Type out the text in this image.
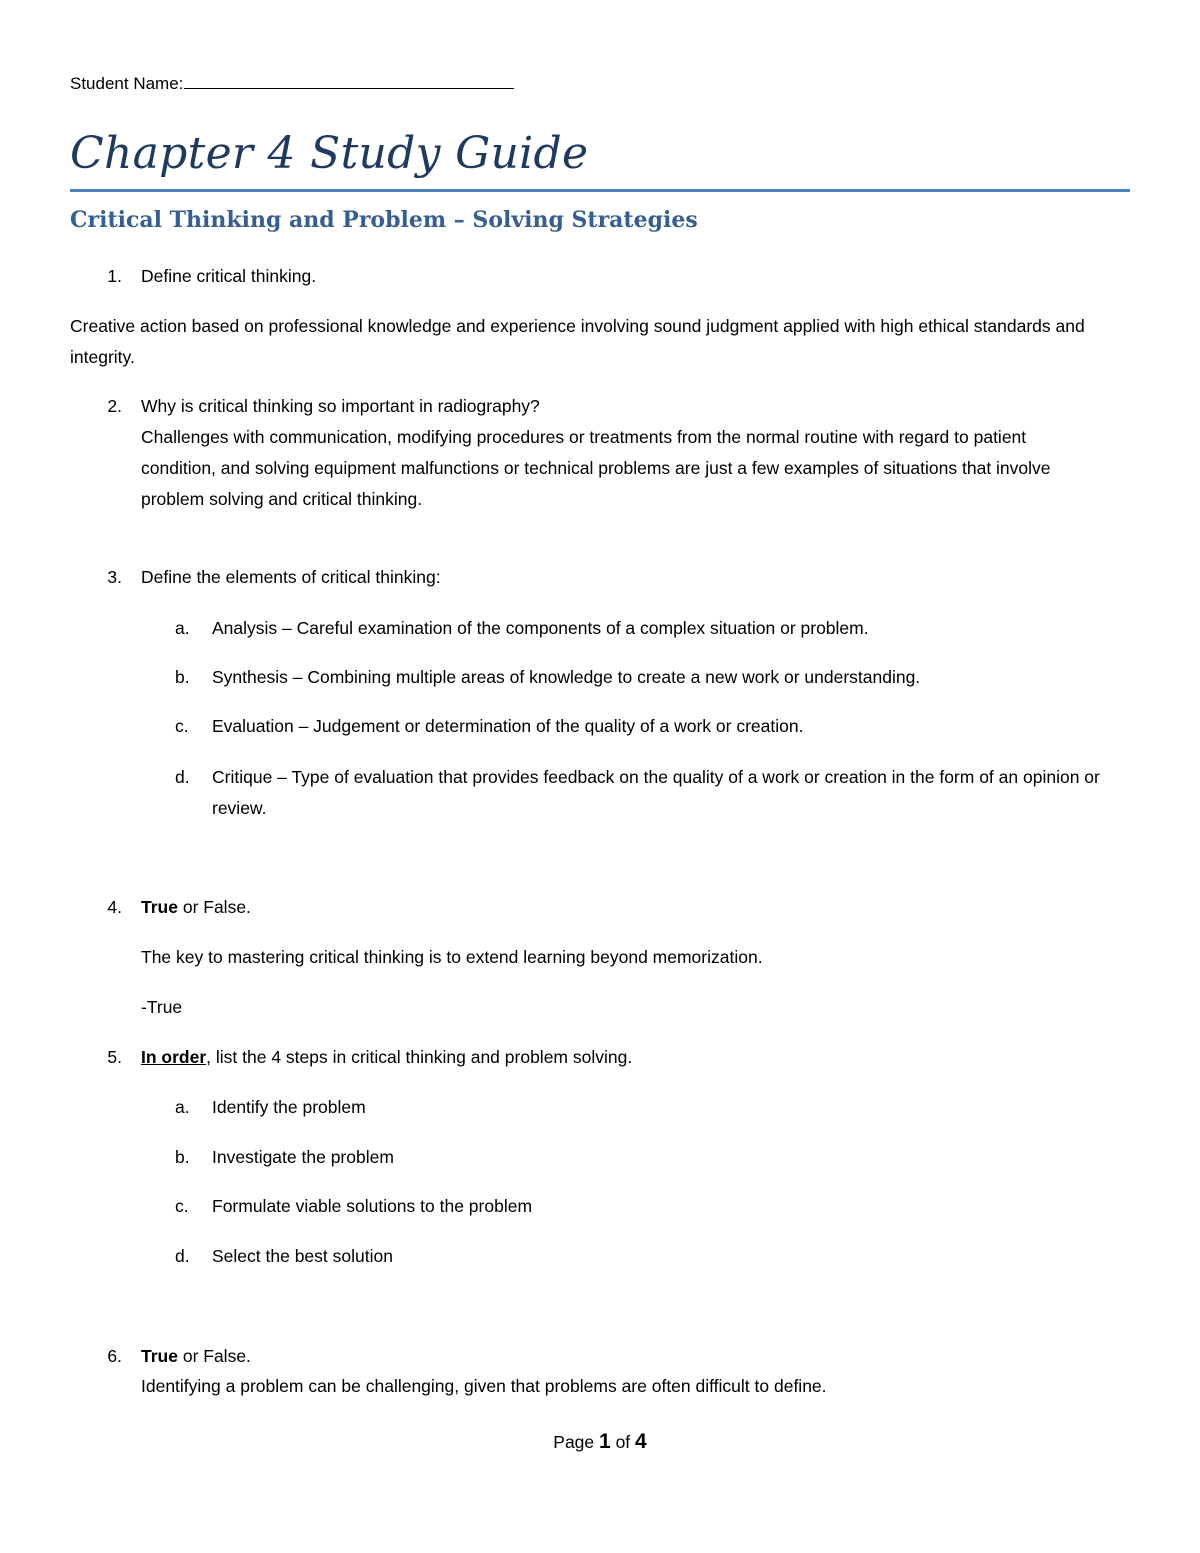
Student Name:
Chapter 4 Study Guide
Critical Thinking and Problem – Solving Strategies
1. Define critical thinking.
Creative action based on professional knowledge and experience involving sound judgment applied with high ethical standards and integrity.
2. Why is critical thinking so important in radiography?
Challenges with communication, modifying procedures or treatments from the normal routine with regard to patient condition, and solving equipment malfunctions or technical problems are just a few examples of situations that involve problem solving and critical thinking.
3. Define the elements of critical thinking:
a.	Analysis – Careful examination of the components of a complex situation or problem.
b.	Synthesis – Combining multiple areas of knowledge to create a new work or understanding.
c.	Evaluation – Judgement or determination of the quality of a work or creation.
d.	Critique – Type of evaluation that provides feedback on the quality of a work or creation in the form of an opinion or review.
4. True or False.
The key to mastering critical thinking is to extend learning beyond memorization.
-True
5. In order, list the 4 steps in critical thinking and problem solving.
a.	Identify the problem
b.	Investigate the problem
c.	Formulate viable solutions to the problem
d.	Select the best solution
6. True or False.
Identifying a problem can be challenging, given that problems are often difficult to define.
Page 1 of 4
